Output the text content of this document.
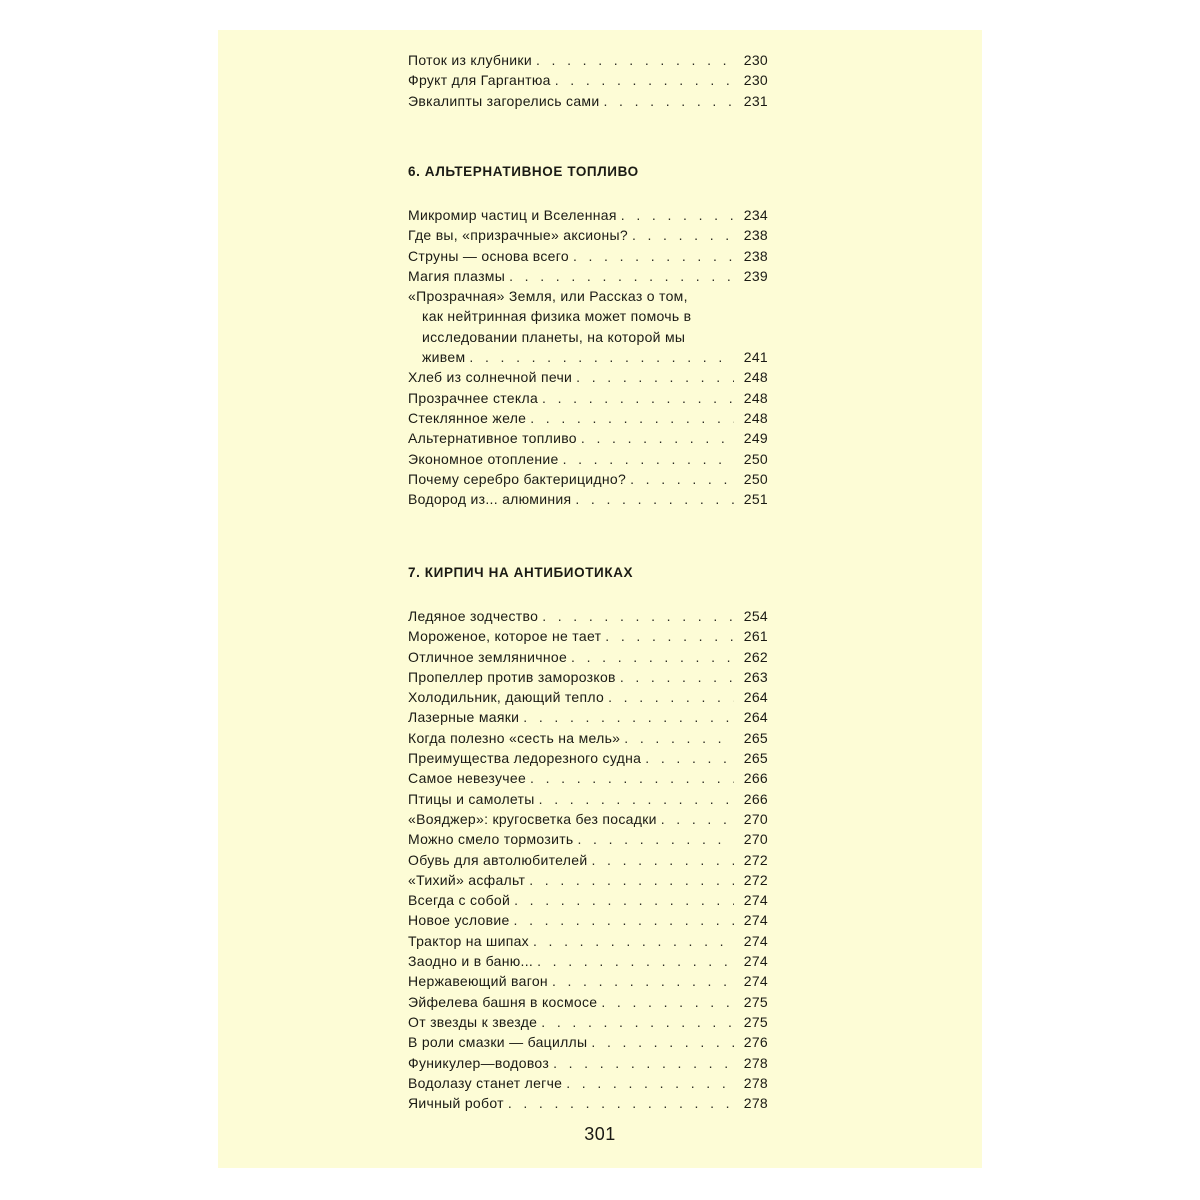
Поток из клубники . .	230
Фрукт для Гаргантюа . .	230
Эвкалипты загорелись сами . .	231
6. АЛЬТЕРНАТИВНОЕ ТОПЛИВО
Микромир частиц и Вселенная . .	234
Где вы, «призрачные» аксионы? . .	238
Струны — основа всего . .	238
Магия плазмы . .	239
«Прозрачная» Земля, или Рассказ о том,
как нейтринная физика может помочь в
исследовании планеты, на которой мы
живем . .	241
Хлеб из солнечной печи . .	248
Прозрачнее стекла . .	248
Стеклянное желе . .	248
Альтернативное топливо . .	249
Экономное отопление . .	250
Почему серебро бактерицидно? . .	250
Водород из... алюминия . .	251
7. КИРПИЧ НА АНТИБИОТИКАХ
Ледяное зодчество . .	254
Мороженое, которое не тает . .	261
Отличное земляничное . .	262
Пропеллер против заморозков . .	263
Холодильник, дающий тепло . .	264
Лазерные маяки . .	264
Когда полезно «сесть на мель» . .	265
Преимущества ледорезного судна . .	265
Самое невезучее . .	266
Птицы и самолеты . .	266
«Вояджер»: кругосветка без посадки . .	270
Можно смело тормозить . .	270
Обувь для автолюбителей . .	272
«Тихий» асфальт . .	272
Всегда с собой . .	274
Новое условие . .	274
Трактор на шипах . .	274
Заодно и в баню... . .	274
Нержавеющий вагон . .	274
Эйфелева башня в космосе . .	275
От звезды к звезде . .	275
В роли смазки — бациллы . .	276
Фуникулер—водовоз . .	278
Водолазу станет легче . .	278
Яичный робот . .	278
301
